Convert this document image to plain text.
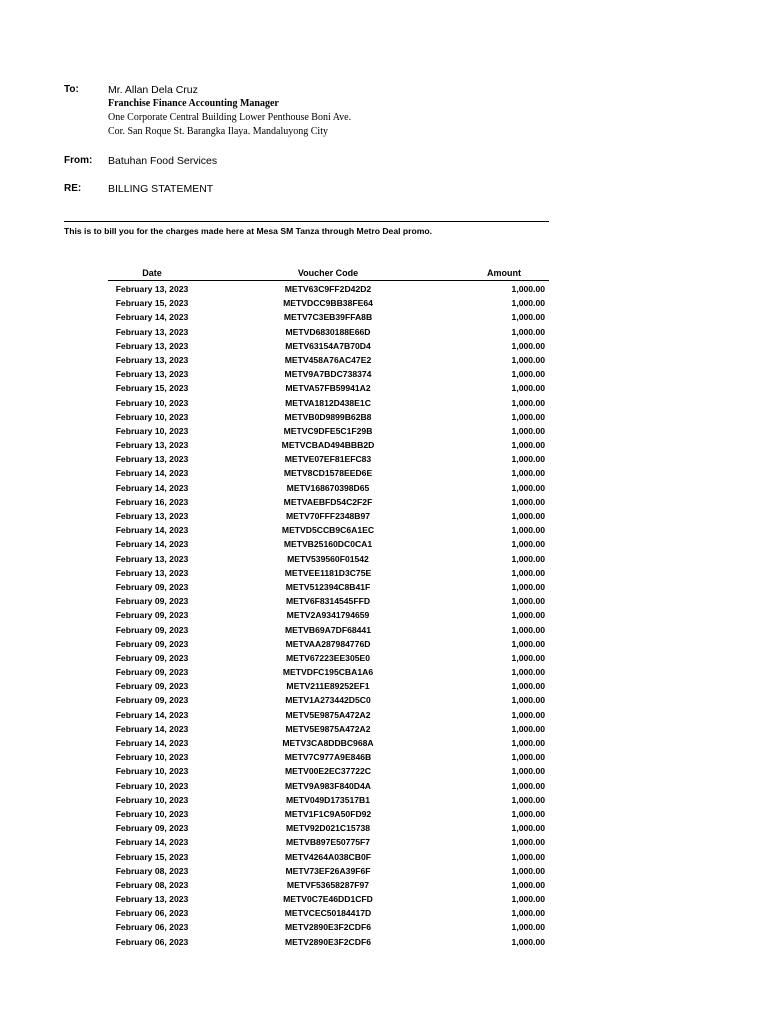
To:	Mr. Allan Dela Cruz
Franchise Finance Accounting Manager
One Corporate Central Building Lower Penthouse Boni Ave.
Cor. San Roque St. Barangka Ilaya. Mandaluyong City
From: Batuhan Food Services
RE:	BILLING STATEMENT
This is to bill you for the charges made here at Mesa SM Tanza through Metro Deal promo.
Date	Voucher Code	Amount
February 13, 2023	METV63C9FF2D42D2	1,000.00
February 15, 2023	METVDCC9BB38FE64	1,000.00
February 14, 2023	METV7C3EB39FFA8B	1,000.00
February 13, 2023	METVD6830188E66D	1,000.00
February 13, 2023	METV63154A7B70D4	1,000.00
February 13, 2023	METV458A76AC47E2	1,000.00
February 13, 2023	METV9A7BDC738374	1,000.00
February 15, 2023	METVA57FB59941A2	1,000.00
February 10, 2023	METVA1812D438E1C	1,000.00
February 10, 2023	METVB0D9899B62B8	1,000.00
February 10, 2023	METVC9DFE5C1F29B	1,000.00
February 13, 2023	METVCBAD494BBB2D	1,000.00
February 13, 2023	METVE07EF81EFC83	1,000.00
February 14, 2023	METV8CD1578EED6E	1,000.00
February 14, 2023	METV168670398D65	1,000.00
February 16, 2023	METVAEBFD54C2F2F	1,000.00
February 13, 2023	METV70FFF2348B97	1,000.00
February 14, 2023	METVD5CCB9C6A1EC	1,000.00
February 14, 2023	METVB25160DC0CA1	1,000.00
February 13, 2023	METV539560F01542	1,000.00
February 13, 2023	METVEE1181D3C75E	1,000.00
February 09, 2023	METV512394C8B41F	1,000.00
February 09, 2023	METV6F8314545FFD	1,000.00
February 09, 2023	METV2A9341794659	1,000.00
February 09, 2023	METVB69A7DF68441	1,000.00
February 09, 2023	METVAA287984776D	1,000.00
February 09, 2023	METV67223EE305E0	1,000.00
February 09, 2023	METVDFC195CBA1A6	1,000.00
February 09, 2023	METV211E89252EF1	1,000.00
February 09, 2023	METV1A273442D5C0	1,000.00
February 14, 2023	METV5E9875A472A2	1,000.00
February 14, 2023	METV5E9875A472A2	1,000.00
February 14, 2023	METV3CA8DDBC968A	1,000.00
February 10, 2023	METV7C977A9E846B	1,000.00
February 10, 2023	METV00E2EC37722C	1,000.00
February 10, 2023	METV9A983F840D4A	1,000.00
February 10, 2023	METV049D173517B1	1,000.00
February 10, 2023	METV1F1C9A50FD92	1,000.00
February 09, 2023	METV92D021C15738	1,000.00
February 14, 2023	METVB897E50775F7	1,000.00
February 15, 2023	METV4264A038CB0F	1,000.00
February 08, 2023	METV73EF26A39F6F	1,000.00
February 08, 2023	METVF53658287F97	1,000.00
February 13, 2023	METV0C7E46DD1CFD	1,000.00
February 06, 2023	METVCEC50184417D	1,000.00
February 06, 2023	METV2890E3F2CDF6	1,000.00
February 06, 2023	METV2890E3F2CDF6	1,000.00
